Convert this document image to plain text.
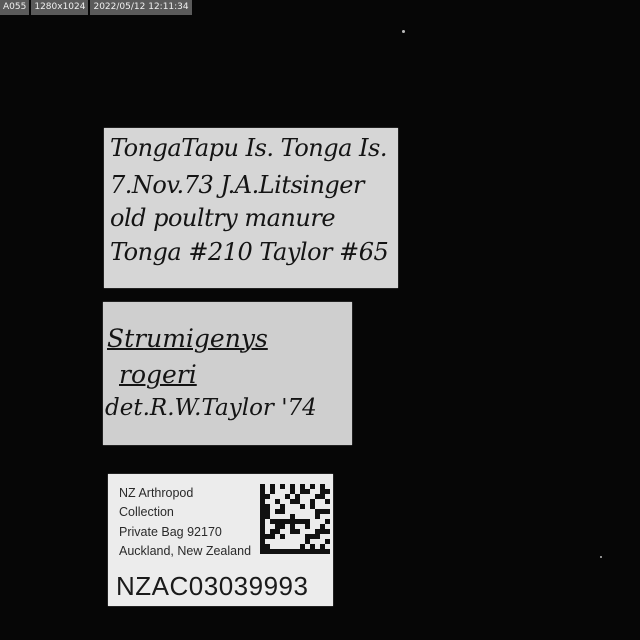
A055 1280x1024 2022/05/12 12:11:34
TongaTapu Is. Tonga Is.
7.Nov.73 J.A.Litsinger
old poultry manure
Tonga #210 Taylor #65
Strumigenys
rogeri
det.R.W.Taylor '74
NZ Arthropod
Collection
Private Bag 92170
Auckland, New Zealand
NZAC03039993
